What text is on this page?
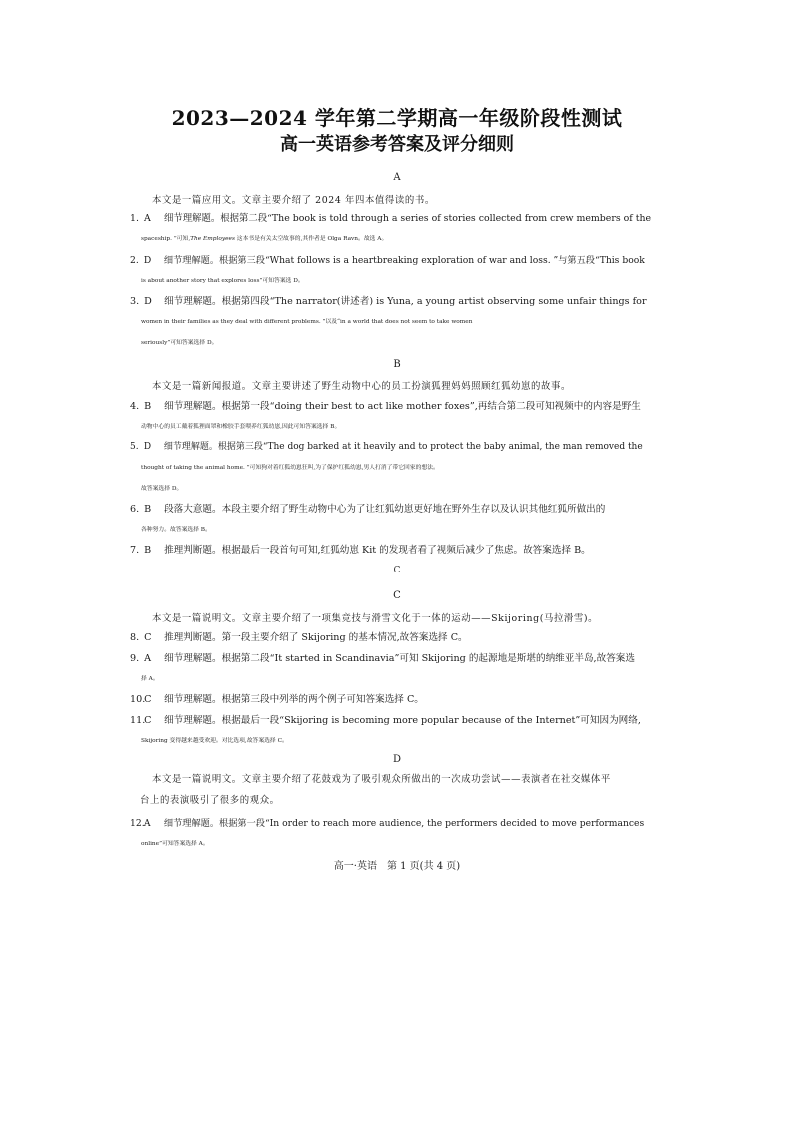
2023—2024 学年第二学期高一年级阶段性测试
高一英语参考答案及评分细则
A
本文是一篇应用文。文章主要介绍了 2024 年四本值得读的书。
1. A 细节理解题。根据第二段“The book is told through a series of stories collected from crew members of the
spaceship. ”可知,The Employees 这本书是有关太空故事的,其作者是 Olga Ravn。故选 A。
2. D 细节理解题。根据第三段“What follows is a heartbreaking exploration of war and loss. ”与第五段“This book
is about another story that explores loss”可知答案选 D。
3. D 细节理解题。根据第四段“The narrator(讲述者) is Yuna, a young artist observing some unfair things for
women in their families as they deal with different problems. ”以及“in a world that does not seem to take women
seriously”可知答案选择 D。
B
本文是一篇新闻报道。文章主要讲述了野生动物中心的员工扮演狐狸妈妈照顾红狐幼崽的故事。
4. B 细节理解题。根据第一段“doing their best to act like mother foxes”,再结合第二段可知视频中的内容是野生
动物中心的员工戴着狐狸面罩和橡胶手套喂养红狐幼崽,因此可知答案选择 B。
5. D 细节理解题。根据第三段“The dog barked at it heavily and to protect the baby animal, the man removed the
thought of taking the animal home. ”可知狗对着红狐幼崽狂叫,为了保护红狐幼崽,男人打消了带它回家的想法。
故答案选择 D。
6. B 段落大意题。本段主要介绍了野生动物中心为了让红狐幼崽更好地在野外生存以及认识其他红狐所做出的
各种努力。故答案选择 B。
7. B 推理判断题。根据最后一段首句可知,红狐幼崽 Kit 的发现者看了视频后减少了焦虑。故答案选择 B。
C
C
本文是一篇说明文。文章主要介绍了一项集竞技与滑雪文化于一体的运动——Skijoring(马拉滑雪)。
8. C 推理判断题。第一段主要介绍了 Skijoring 的基本情况,故答案选择 C。
9. A 细节理解题。根据第二段“It started in Scandinavia”可知 Skijoring 的起源地是斯堪的纳维亚半岛,故答案选
择 A。
10. C 细节理解题。根据第三段中列举的两个例子可知答案选择 C。
11. C 细节理解题。根据最后一段“Skijoring is becoming more popular because of the Internet”可知因为网络,
Skijoring 变得越来越受欢迎。对比选项,故答案选择 C。
D
本文是一篇说明文。文章主要介绍了花鼓戏为了吸引观众所做出的一次成功尝试——表演者在社交媒体平
台上的表演吸引了很多的观众。
12. A 细节理解题。根据第一段“In order to reach more audience, the performers decided to move performances
online”可知答案选择 A。
高一·英语　第 1 页(共 4 页)
